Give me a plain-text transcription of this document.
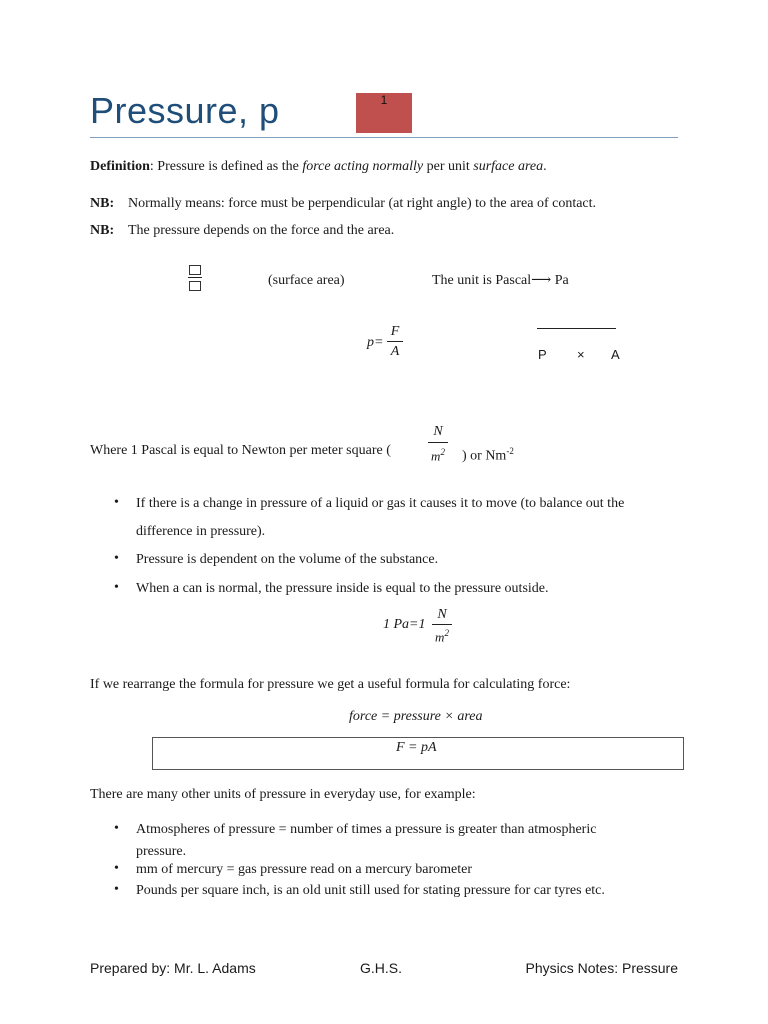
Pressure, p	1
Definition: Pressure is defined as the force acting normally per unit surface area.
NB: Normally means: force must be perpendicular (at right angle) to the area of contact.
NB: The pressure depends on the force and the area.
(surface area)	The unit is Pascal⟶ Pa
p=
F
A	P × A
Where 1 Pascal is equal to Newton per meter square (
N
$m^2$	) or $Nm^{-2}$
• If there is a change in pressure of a liquid or gas it causes it to move (to balance out the
difference in pressure).
• Pressure is dependent on the volume of the substance.
• When a can is normal, the pressure inside is equal to the pressure outside.
1 Pa=1
N
$m^2$
If we rearrange the formula for pressure we get a useful formula for calculating force:
force = pressure × area
F = pA
There are many other units of pressure in everyday use, for example:
• Atmospheres of pressure = number of times a pressure is greater than atmospheric
pressure.
• mm of mercury = gas pressure read on a mercury barometer
• Pounds per square inch, is an old unit still used for stating pressure for car tyres etc.
Prepared by: Mr. L. Adams	G.H.S.	Physics Notes: Pressure
